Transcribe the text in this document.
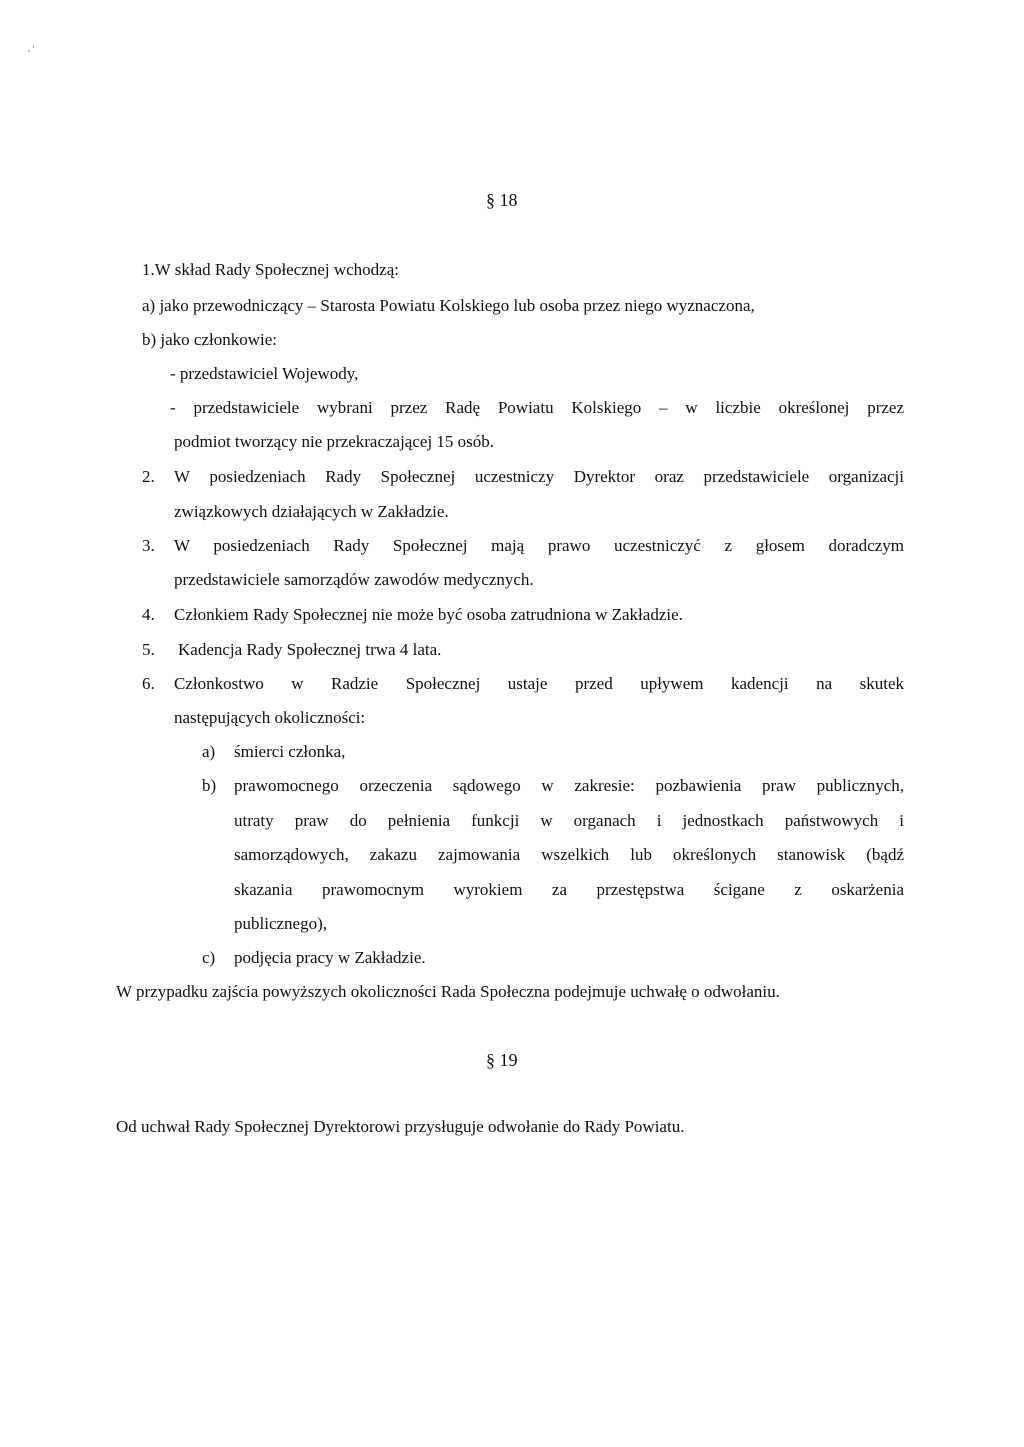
, ‘
§ 18
1.W skład Rady Społecznej wchodzą:
a) jako przewodniczący – Starosta Powiatu Kolskiego lub osoba przez niego wyznaczona,
b) jako członkowie:
- przedstawiciel Wojewody,
- przedstawiciele wybrani przez Radę Powiatu Kolskiego – w liczbie określonej przez
podmiot tworzący nie przekraczającej 15 osób.
2. W posiedzeniach Rady Społecznej uczestniczy Dyrektor oraz przedstawiciele organizacji
związkowych działających w Zakładzie.
3. W posiedzeniach Rady Społecznej mają prawo uczestniczyć z głosem doradczym
przedstawiciele samorządów zawodów medycznych.
4. Członkiem Rady Społecznej nie może być osoba zatrudniona w Zakładzie.
5. Kadencja Rady Społecznej trwa 4 lata.
6. Członkostwo w Radzie Społecznej ustaje przed upływem kadencji na skutek
następujących okoliczności:
a) śmierci członka,
b) prawomocnego orzeczenia sądowego w zakresie: pozbawienia praw publicznych,
utraty praw do pełnienia funkcji w organach i jednostkach państwowych i
samorządowych, zakazu zajmowania wszelkich lub określonych stanowisk (bądź
skazania prawomocnym wyrokiem za przestępstwa ścigane z oskarżenia
publicznego),
c) podjęcia pracy w Zakładzie.
W przypadku zajścia powyższych okoliczności Rada Społeczna podejmuje uchwałę o odwołaniu.
§ 19
Od uchwał Rady Społecznej Dyrektorowi przysługuje odwołanie do Rady Powiatu.
